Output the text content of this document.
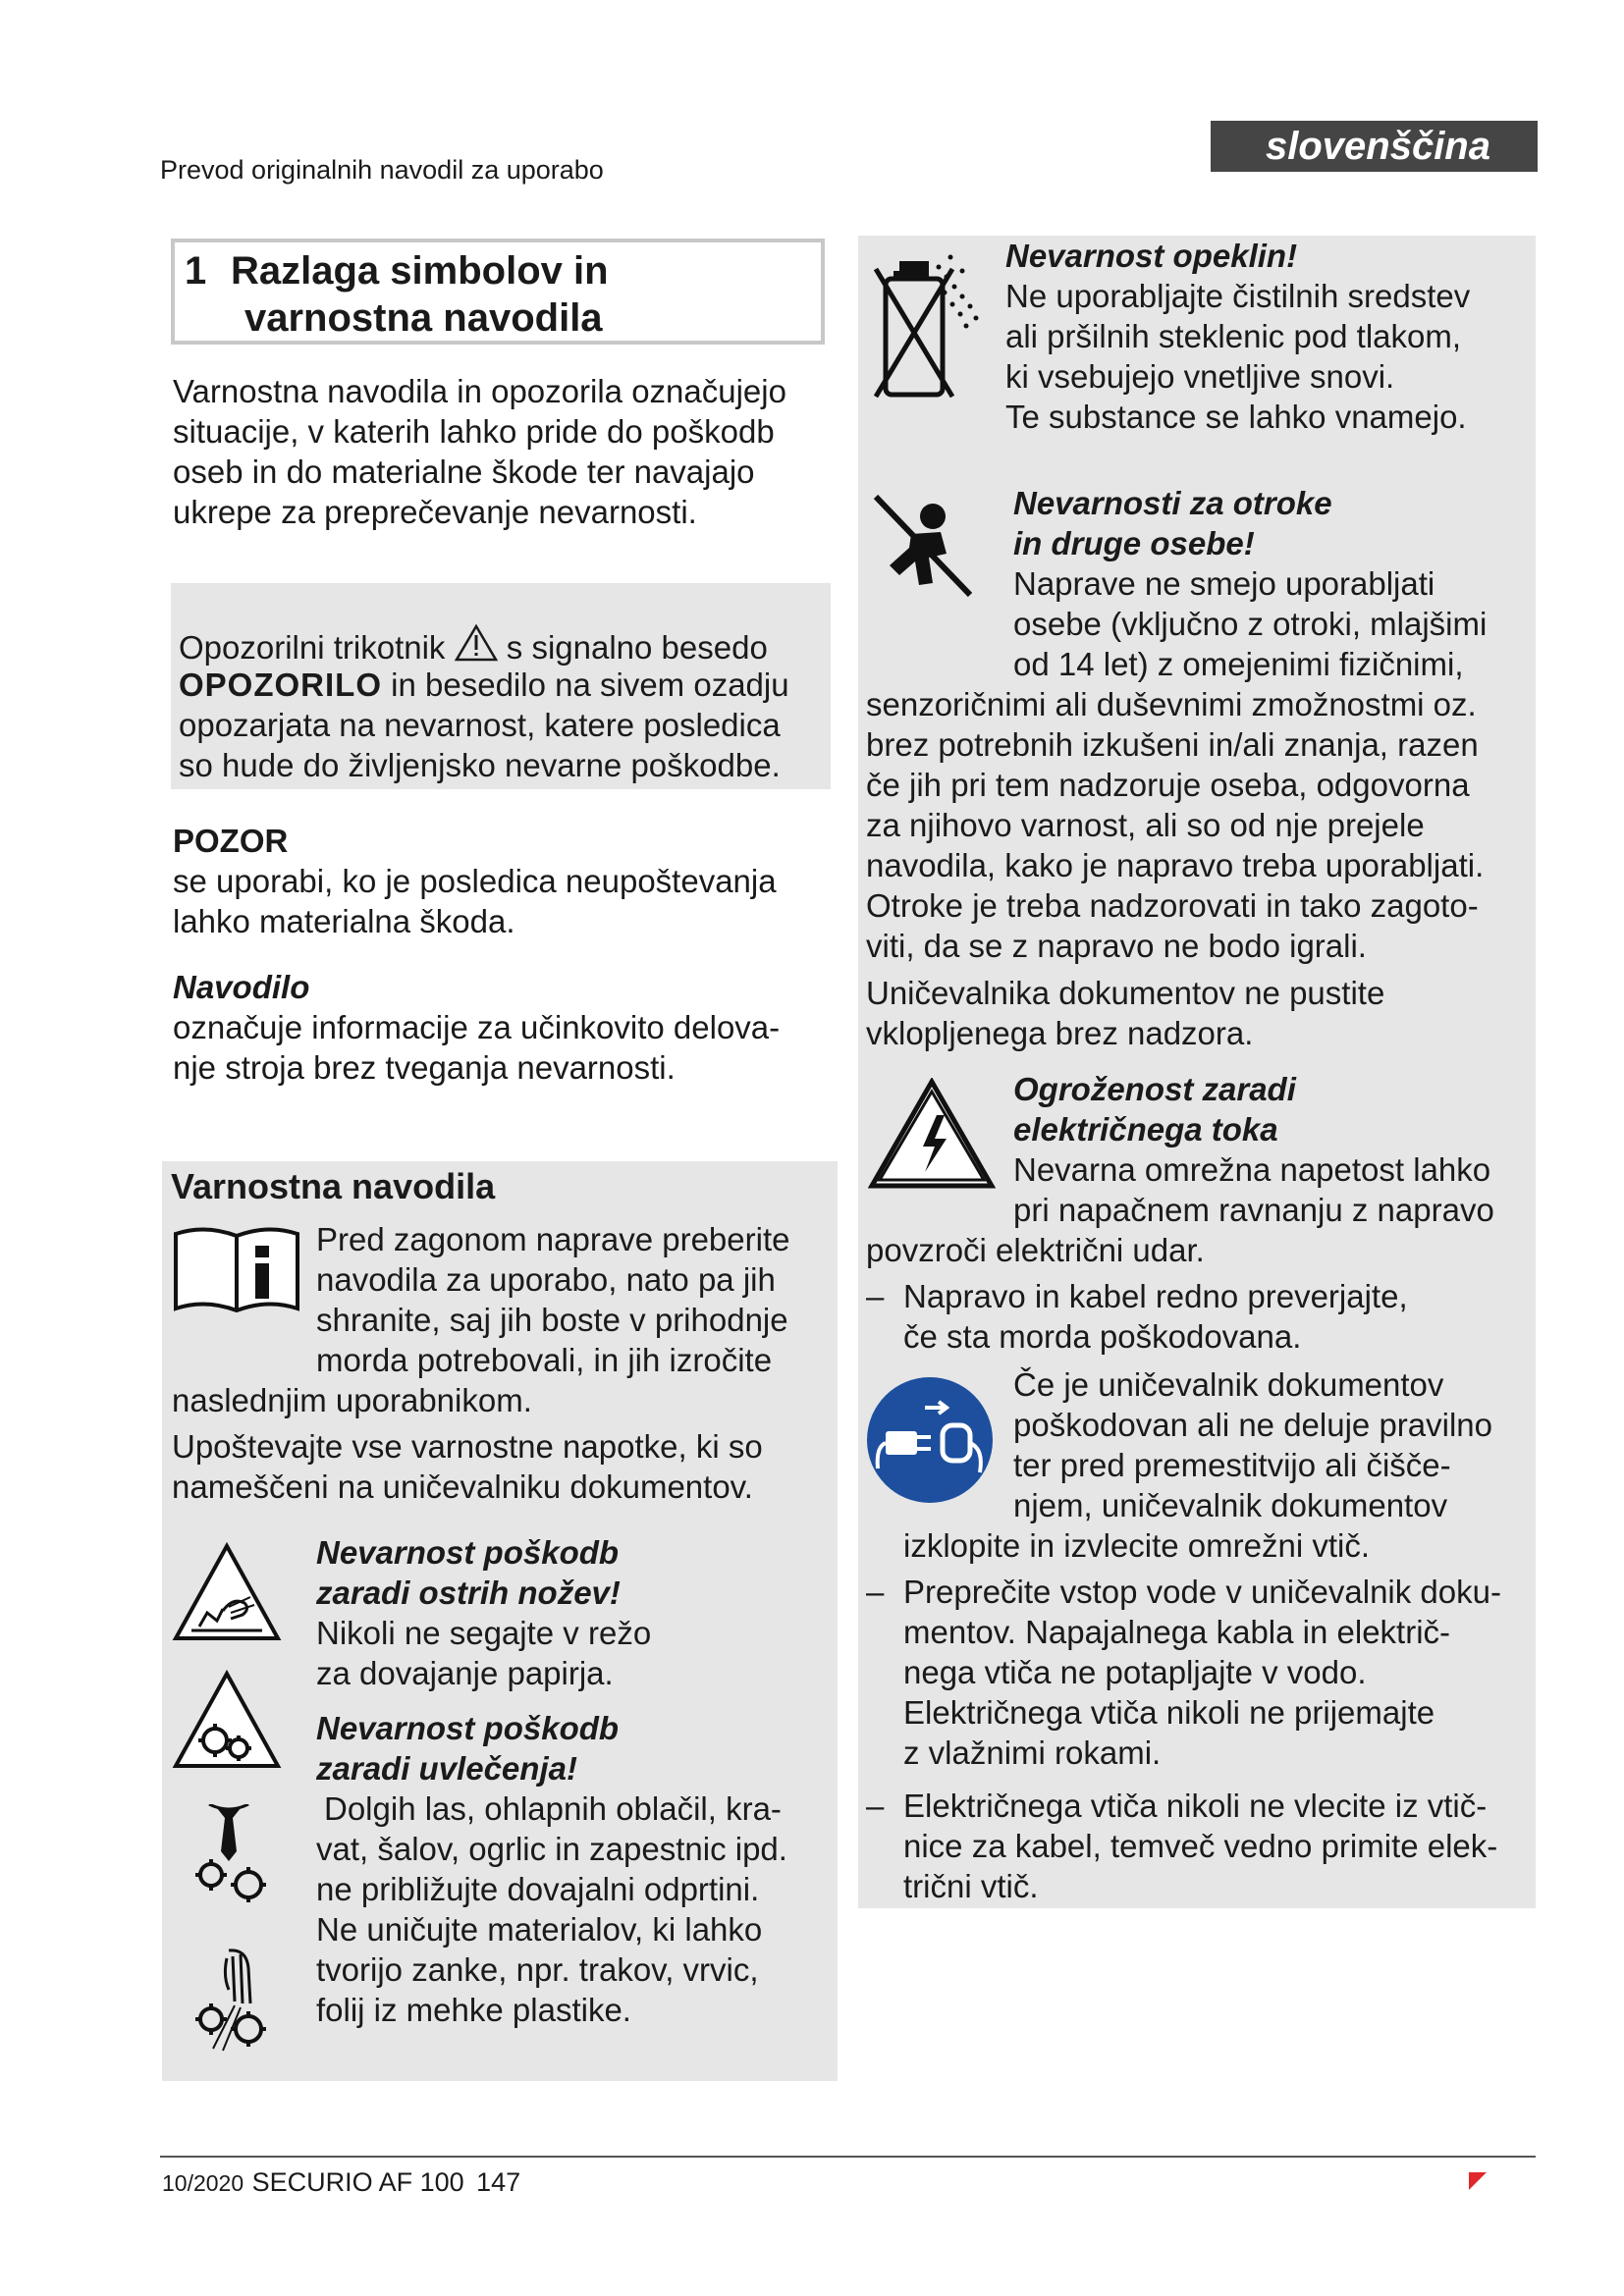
Prevod originalnih navodil za uporabo
slovenščina
1 Razlaga simbolov in
varnostna navodila
Varnostna navodila in opozorila označujejo
situacije, v katerih lahko pride do poškodb
oseb in do materialne škode ter navajajo
ukrepe za preprečevanje nevarnosti.
Opozorilni trikotnik s signalno besedo
OPOZORILO in besedilo na sivem ozadju
opozarjata na nevarnost, katere posledica
so hude do življenjsko nevarne poškodbe.
POZOR
se uporabi, ko je posledica neupoštevanja
lahko materialna škoda.
Navodilo
označuje informacije za učinkovito delova-
nje stroja brez tveganja nevarnosti.
Varnostna navodila
Pred zagonom naprave preberite
navodila za uporabo, nato pa jih
shranite, saj jih boste v prihodnje
morda potrebovali, in jih izročite
naslednjim uporabnikom.
Upoštevajte vse varnostne napotke, ki so
nameščeni na uničevalniku dokumentov.
Nevarnost poškodb
zaradi ostrih nožev!
Nikoli ne segajte v režo
za dovajanje papirja.
Nevarnost poškodb
zaradi uvlečenja!
Dolgih las, ohlapnih oblačil, kra-
vat, šalov, ogrlic in zapestnic ipd.
ne približujte dovajalni odprtini.
Ne uničujte materialov, ki lahko
tvorijo zanke, npr. trakov, vrvic,
folij iz mehke plastike.
Nevarnost opeklin!
Ne uporabljajte čistilnih sredstev
ali pršilnih steklenic pod tlakom,
ki vsebujejo vnetljive snovi.
Te substance se lahko vnamejo.
Nevarnosti za otroke
in druge osebe!
Naprave ne smejo uporabljati
osebe (vključno z otroki, mlajšimi
od 14 let) z omejenimi fizičnimi,
senzoričnimi ali duševnimi zmožnostmi oz.
brez potrebnih izkušeni in/ali znanja, razen
če jih pri tem nadzoruje oseba, odgovorna
za njihovo varnost, ali so od nje prejele
navodila, kako je napravo treba uporabljati.
Otroke je treba nadzorovati in tako zagoto-
viti, da se z napravo ne bodo igrali.
Uničevalnika dokumentov ne pustite
vklopljenega brez nadzora.
Ogroženost zaradi
električnega toka
Nevarna omrežna napetost lahko
pri napačnem ravnanju z napravo
povzroči električni udar.
– Napravo in kabel redno preverjajte,
če sta morda poškodovana.
Če je uničevalnik dokumentov
poškodovan ali ne deluje pravilno
ter pred premestitvijo ali čišče-
njem, uničevalnik dokumentov
izklopite in izvlecite omrežni vtič.
– Preprečite vstop vode v uničevalnik doku-
mentov. Napajalnega kabla in električ-
nega vtiča ne potapljajte v vodo.
Električnega vtiča nikoli ne prijemajte
z vlažnimi rokami.
– Električnega vtiča nikoli ne vlecite iz vtič-
nice za kabel, temveč vedno primite elek-
trični vtič.
10/2020 SECURIO AF 100 147
